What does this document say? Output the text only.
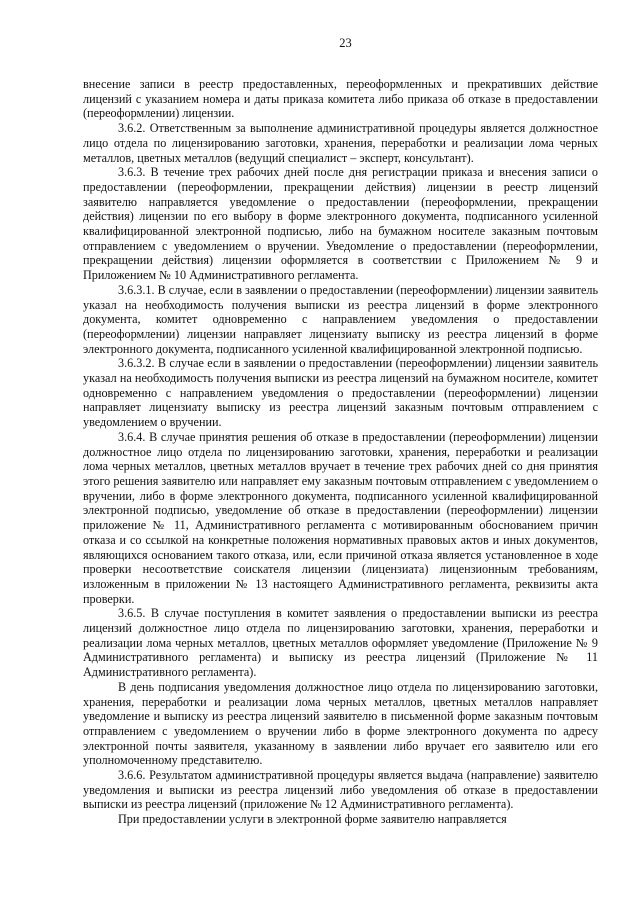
23

внесение записи в реестр предоставленных, переоформленных и прекративших действие лицензий с указанием номера и даты приказа комитета либо приказа об отказе в предоставлении (переоформлении) лицензии.

3.6.2. Ответственным за выполнение административной процедуры является должностное лицо отдела по лицензированию заготовки, хранения, переработки и реализации лома черных металлов, цветных металлов (ведущий специалист – эксперт, консультант).

3.6.3. В течение трех рабочих дней после дня регистрации приказа и внесения записи о предоставлении (переоформлении, прекращении действия) лицензии в реестр лицензий заявителю направляется уведомление о предоставлении (переоформлении, прекращении действия) лицензии по его выбору в форме электронного документа, подписанного усиленной квалифицированной электронной подписью, либо на бумажном носителе заказным почтовым отправлением с уведомлением о вручении. Уведомление о предоставлении (переоформлении, прекращении действия) лицензии оформляется в соответствии с Приложением № 9 и Приложением № 10 Административного регламента.

3.6.3.1. В случае, если в заявлении о предоставлении (переоформлении) лицензии заявитель указал на необходимость получения выписки из реестра лицензий в форме электронного документа, комитет одновременно с направлением уведомления о предоставлении (переоформлении) лицензии направляет лицензиату выписку из реестра лицензий в форме электронного документа, подписанного усиленной квалифицированной электронной подписью.

3.6.3.2. В случае если в заявлении о предоставлении (переоформлении) лицензии заявитель указал на необходимость получения выписки из реестра лицензий на бумажном носителе, комитет одновременно с направлением уведомления о предоставлении (переоформлении) лицензии направляет лицензиату выписку из реестра лицензий заказным почтовым отправлением с уведомлением о вручении.

3.6.4. В случае принятия решения об отказе в предоставлении (переоформлении) лицензии должностное лицо отдела по лицензированию заготовки, хранения, переработки и реализации лома черных металлов, цветных металлов вручает в течение трех рабочих дней со дня принятия этого решения заявителю или направляет ему заказным почтовым отправлением с уведомлением о вручении, либо в форме электронного документа, подписанного усиленной квалифицированной электронной подписью, уведомление об отказе в предоставлении (переоформлении) лицензии приложение № 11, Административного регламента с мотивированным обоснованием причин отказа и со ссылкой на конкретные положения нормативных правовых актов и иных документов, являющихся основанием такого отказа, или, если причиной отказа является установленное в ходе проверки несоответствие соискателя лицензии (лицензиата) лицензионным требованиям, изложенным в приложении № 13 настоящего Административного регламента, реквизиты акта проверки.

3.6.5. В случае поступления в комитет заявления о предоставлении выписки из реестра лицензий должностное лицо отдела по лицензированию заготовки, хранения, переработки и реализации лома черных металлов, цветных металлов оформляет уведомление (Приложение № 9 Административного регламента) и выписку из реестра лицензий (Приложение № 11 Административного регламента).

В день подписания уведомления должностное лицо отдела по лицензированию заготовки, хранения, переработки и реализации лома черных металлов, цветных металлов направляет уведомление и выписку из реестра лицензий заявителю в письменной форме заказным почтовым отправлением с уведомлением о вручении либо в форме электронного документа по адресу электронной почты заявителя, указанному в заявлении либо вручает его заявителю или его уполномоченному представителю.

3.6.6. Результатом административной процедуры является выдача (направление) заявителю уведомления и выписки из реестра лицензий либо уведомления об отказе в предоставлении выписки из реестра лицензий (приложение № 12 Административного регламента).

При предоставлении услуги в электронной форме заявителю направляется
